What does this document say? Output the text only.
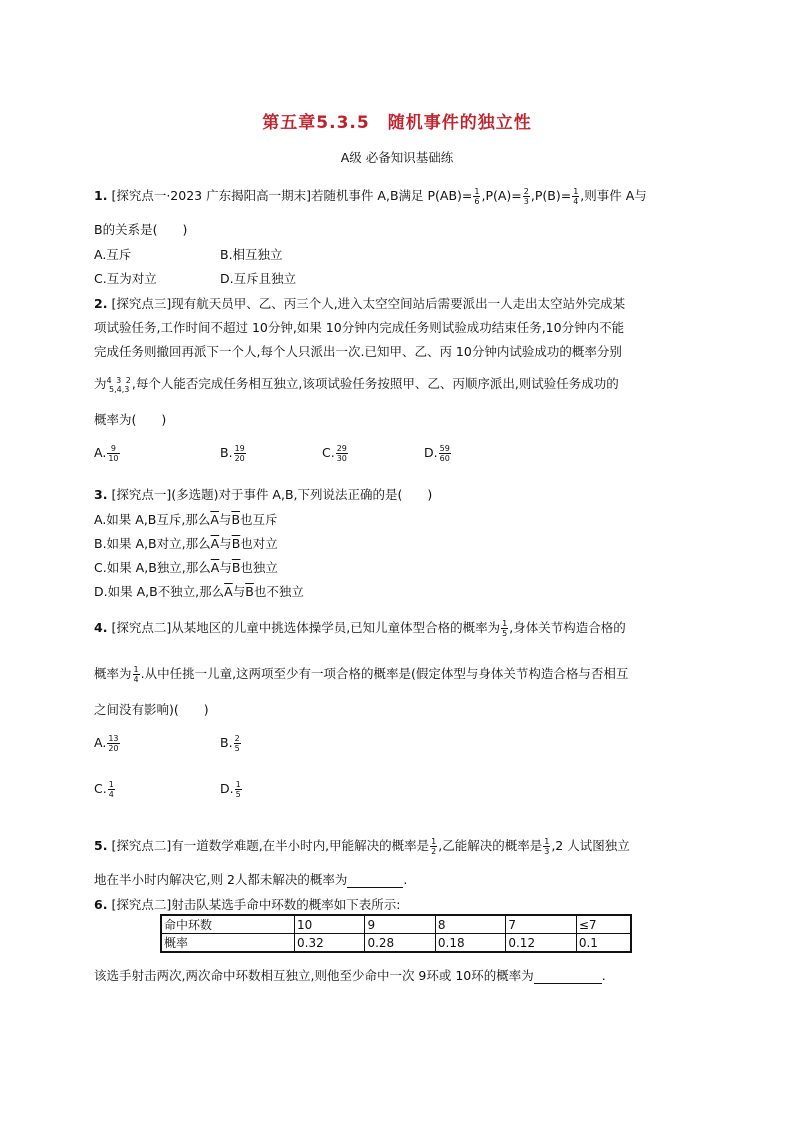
第五章5.3.5　随机事件的独立性
A级 必备知识基础练
1. [探究点一·2023 广东揭阳高一期末]若随机事件 A,B满足 $P(AB)= \frac{1}{6} ,P(A)= \frac{2}{3} ,P(B)= \frac{1}{4}$ ,则事件 A与
B的关系是(　　)
A.互斥	B.相互独立
C.互为对立	D.互斥且独立
2. [探究点三]现有航天员甲、乙、丙三个人,进入太空空间站后需要派出一人走出太空站外完成某
项试验任务,工作时间不超过 10分钟,如果 10分钟内完成任务则试验成功结束任务,10分钟内不能
完成任务则撤回再派下一个人,每个人只派出一次.已知甲、乙、丙 10分钟内试验成功的概率分别
为 4 3 2
5,4,3 ,每个人能否完成任务相互独立,该项试验任务按照甲、乙、丙顺序派出,则试验任务成功的
概率为(　　)
A. $\frac{9}{10}$	B. $\frac{19}{20}$	C. $\frac{29}{30}$	D. $\frac{59}{60}$
3. [探究点一](多选题)对于事件 A,B,下列说法正确的是(　　)
A.如果 A,B互斥,那么$\overline{A}$与$\overline{B}$也互斥
B.如果 A,B对立,那么$\overline{A}$与$\overline{B}$也对立
C.如果 A,B独立,那么$\overline{A}$与$\overline{B}$也独立
D.如果 A,B不独立,那么$\overline{A}$与$\overline{B}$也不独立
4. [探究点二]从某地区的儿童中挑选体操学员,已知儿童体型合格的概率为 $\frac{1}{5}$ ,身体关节构造合格的
概率为 $\frac{1}{4}$ .从中任挑一儿童,这两项至少有一项合格的概率是(假定体型与身体关节构造合格与否相互
之间没有影响)(　　)
A. $\frac{13}{20}$	B. $\frac{2}{5}$
C. $\frac{1}{4}$	D. $\frac{1}{5}$
5. [探究点二]有一道数学难题,在半小时内,甲能解决的概率是 $\frac{1}{2}$ ,乙能解决的概率是 $\frac{1}{3} ,2$ 人试图独立
地在半小时内解决它,则 2人都未解决的概率为	.
6. [探究点二]射击队某选手命中环数的概率如下表所示:
命中环数	10	9	8	7	≤7
概率	0.32	0.28	0.18	0.12	0.1
该选手射击两次,两次命中环数相互独立,则他至少命中一次 9环或 10环的概率为	.
